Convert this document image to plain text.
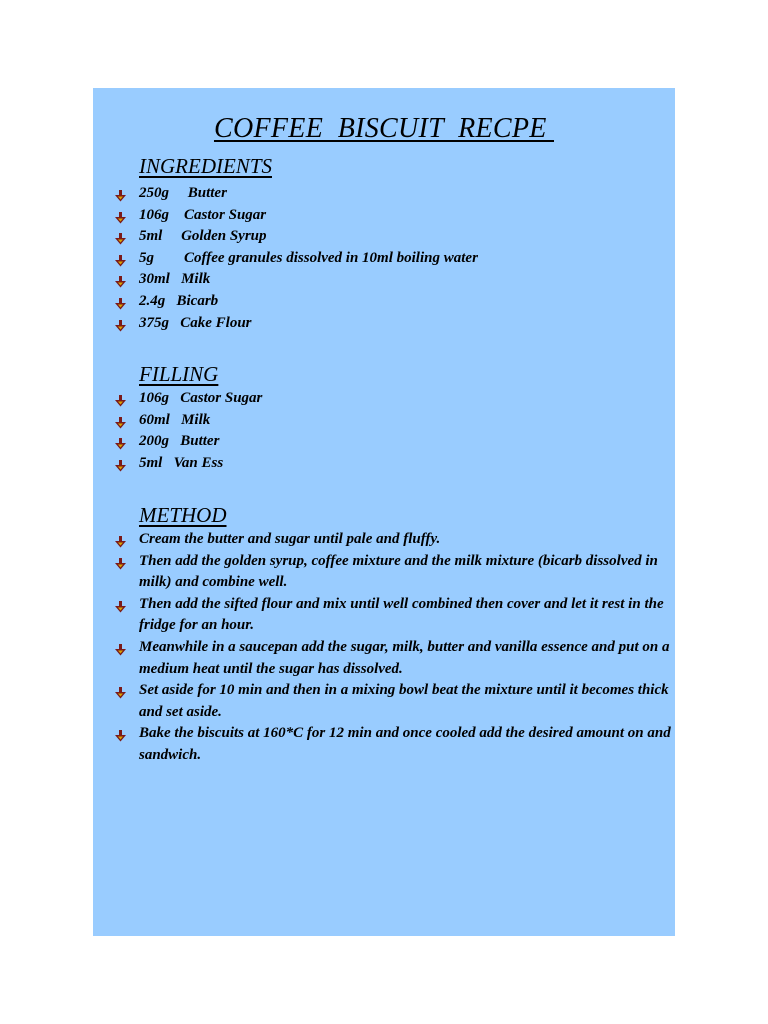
COFFEE  BISCUIT  RECPE
INGREDIENTS
250g     Butter
106g    Castor Sugar
5ml     Golden Syrup
5g        Coffee granules dissolved in 10ml boiling water
30ml   Milk
2.4g   Bicarb
375g   Cake Flour
FILLING
106g   Castor Sugar
60ml   Milk
200g   Butter
5ml   Van Ess
METHOD
Cream the butter and sugar until pale and fluffy.
Then add the golden syrup, coffee mixture and the milk mixture (bicarb dissolved in milk) and combine well.
Then add the sifted flour and mix until well combined then cover and let it rest in the fridge for an hour.
Meanwhile in a saucepan add the sugar, milk, butter and vanilla essence and put on a medium heat until the sugar has dissolved.
Set aside for 10 min and then in a mixing bowl beat the mixture until it becomes thick and set aside.
Bake the biscuits at 160*C for 12 min and once cooled add the desired amount on and sandwich.
